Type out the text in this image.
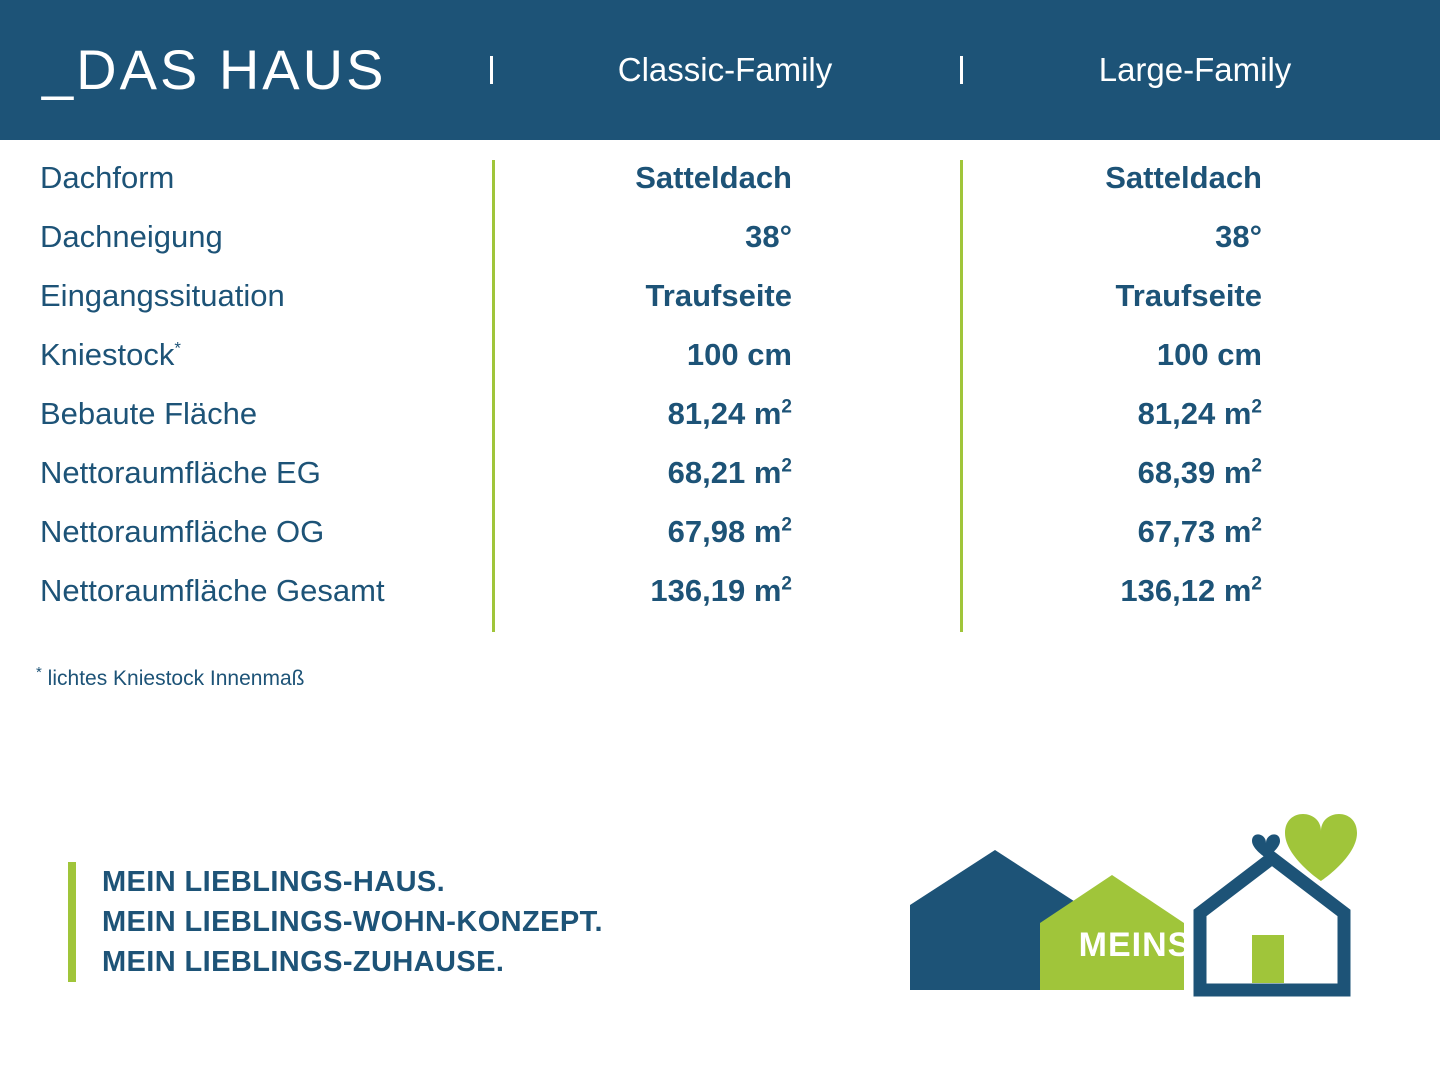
_DAS HAUS	Classic-Family	Large-Family
Dachform	Satteldach	Satteldach
Dachneigung	38°	38°
Eingangssituation	Traufseite	Traufseite
Kniestock*	100 cm	100 cm
Bebaute Fläche	81,24 $m^2$	81,24 $m^2$
Nettoraumfläche EG	68,21 $m^2$	68,39 $m^2$
Nettoraumfläche OG	67,98 $m^2$	67,73 $m^2$
Nettoraumfläche Gesamt	136,19 $m^2$	136,12 $m^2$
* lichtes Kniestock Innenmaß
MEIN LIEBLINGS-HAUS.
MEIN LIEBLINGS-WOHN-KONZEPT.
MEIN LIEBLINGS-ZUHAUSE.	MEINS
